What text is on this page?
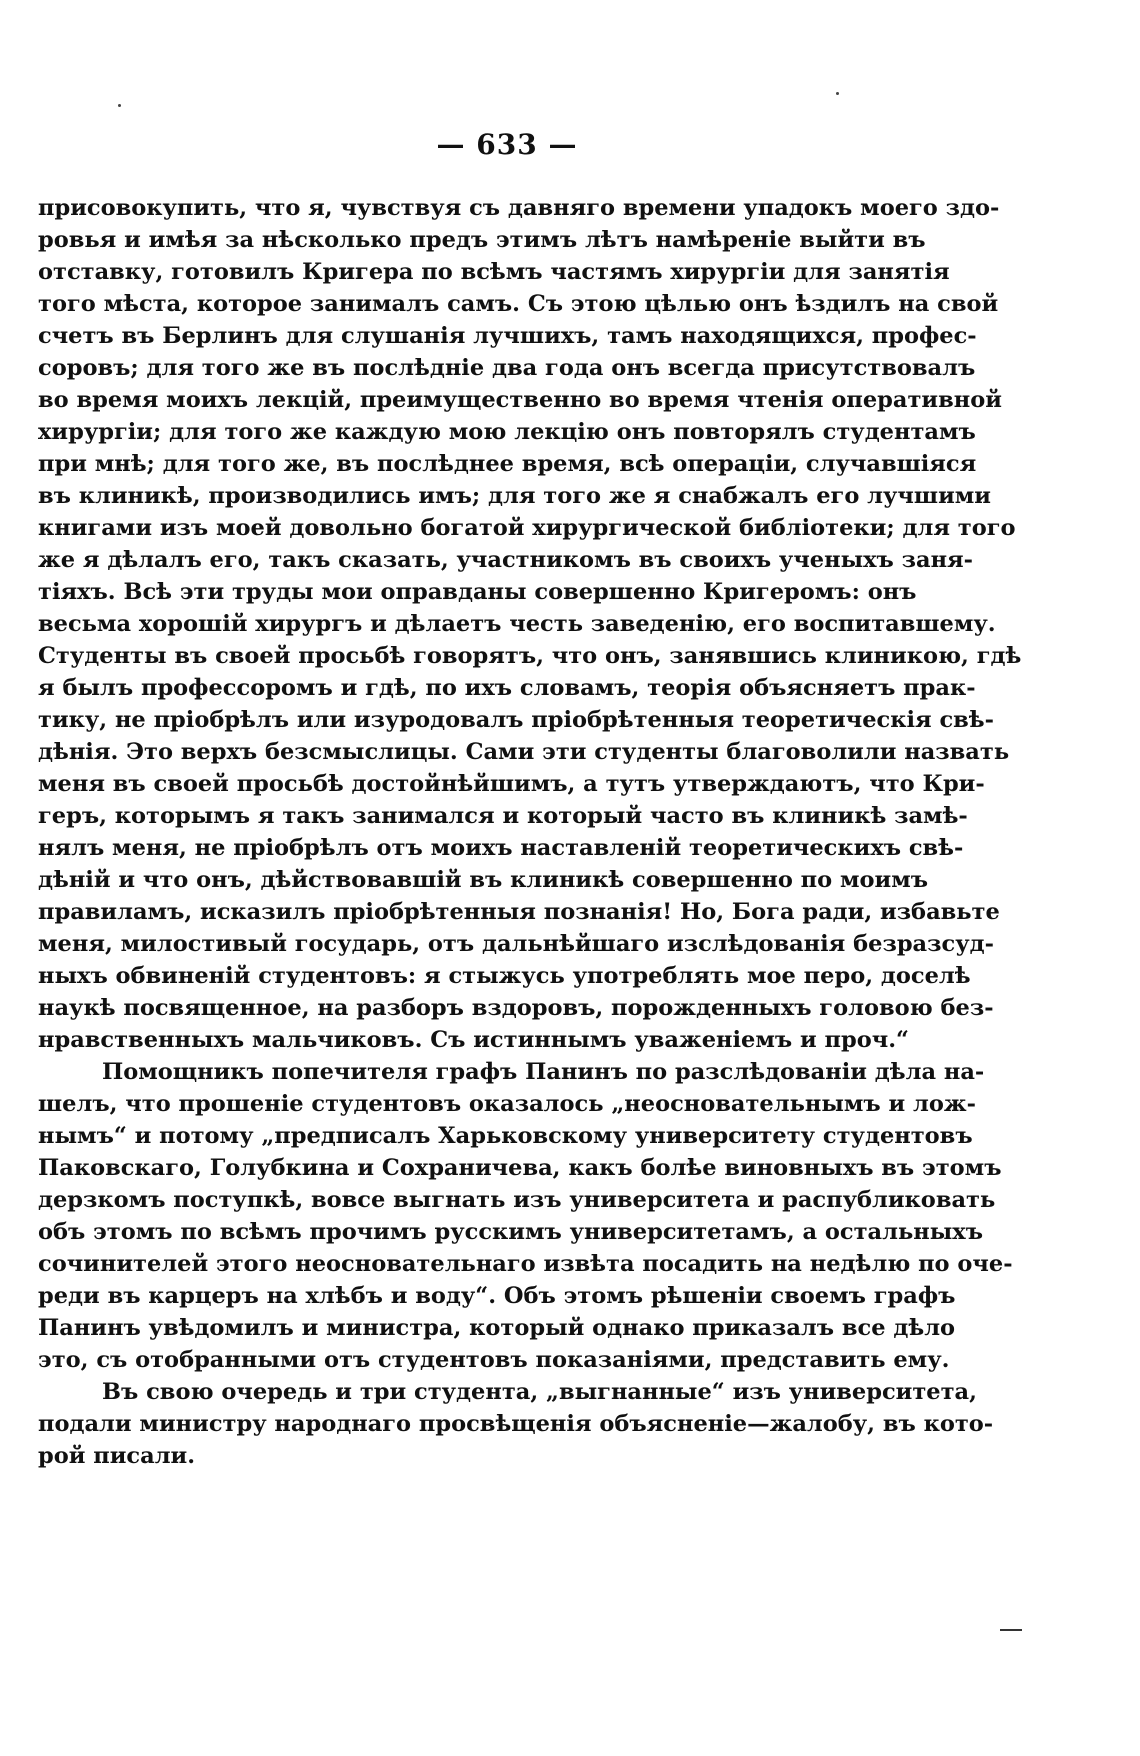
— 633 —
присовокупить, что я, чувствуя съ давняго времени упадокъ моего здо-
ровья и имѣя за нѣсколько предъ этимъ лѣтъ намѣреніе выйти въ
отставку, готовилъ Кригера по всѣмъ частямъ хирургіи для занятія
того мѣста, которое занималъ самъ. Съ этою цѣлью онъ ѣздилъ на свой
счетъ въ Берлинъ для слушанія лучшихъ, тамъ находящихся, профес-
соровъ; для того же въ послѣдніе два года онъ всегда присутствовалъ
во время моихъ лекцій, преимущественно во время чтенія оперативной
хирургіи; для того же каждую мою лекцію онъ повторялъ студентамъ
при мнѣ; для того же, въ послѣднее время, всѣ операціи, случавшіяся
въ клиникѣ, производились имъ; для того же я снабжалъ его лучшими
книгами изъ моей довольно богатой хирургической библіотеки; для того
же я дѣлалъ его, такъ сказать, участникомъ въ своихъ ученыхъ заня-
тіяхъ. Всѣ эти труды мои оправданы совершенно Кригеромъ: онъ
весьма хорошій хирургъ и дѣлаетъ честь заведенію, его воспитавшему.
Студенты въ своей просьбѣ говорятъ, что онъ, занявшись клиникою, гдѣ
я былъ профессоромъ и гдѣ, по ихъ словамъ, теорія объясняетъ прак-
тику, не пріобрѣлъ или изуродовалъ пріобрѣтенныя теоретическія свѣ-
дѣнія. Это верхъ безсмыслицы. Сами эти студенты благоволили назвать
меня въ своей просьбѣ достойнѣйшимъ, а тутъ утверждаютъ, что Кри-
геръ, которымъ я такъ занимался и который часто въ клиникѣ замѣ-
нялъ меня, не пріобрѣлъ отъ моихъ наставленій теоретическихъ свѣ-
дѣній и что онъ, дѣйствовавшій въ клиникѣ совершенно по моимъ
правиламъ, исказилъ пріобрѣтенныя познанія! Но, Бога ради, избавьте
меня, милостивый государь, отъ дальнѣйшаго изслѣдованія безразсуд-
ныхъ обвиненій студентовъ: я стыжусь употреблять мое перо, доселѣ
наукѣ посвященное, на разборъ вздоровъ, порожденныхъ головою без-
нравственныхъ мальчиковъ. Съ истиннымъ уваженіемъ и проч.“
Помощникъ попечителя графъ Панинъ по разслѣдованіи дѣла на-
шелъ, что прошеніе студентовъ оказалось „неосновательнымъ и лож-
нымъ“ и потому „предписалъ Харьковскому университету студентовъ
Паковскаго, Голубкина и Сохраничева, какъ болѣе виновныхъ въ этомъ
дерзкомъ поступкѣ, вовсе выгнать изъ университета и распубликовать
объ этомъ по всѣмъ прочимъ русскимъ университетамъ, а остальныхъ
сочинителей этого неосновательнаго извѣта посадить на недѣлю по оче-
реди въ карцеръ на хлѣбъ и воду“. Объ этомъ рѣшеніи своемъ графъ
Панинъ увѣдомилъ и министра, который однако приказалъ все дѣло
это, съ отобранными отъ студентовъ показаніями, представить ему.
Въ свою очередь и три студента, „выгнанные“ изъ университета,
подали министру народнаго просвѣщенія объясненіе—жалобу, въ кото-
рой писали.
